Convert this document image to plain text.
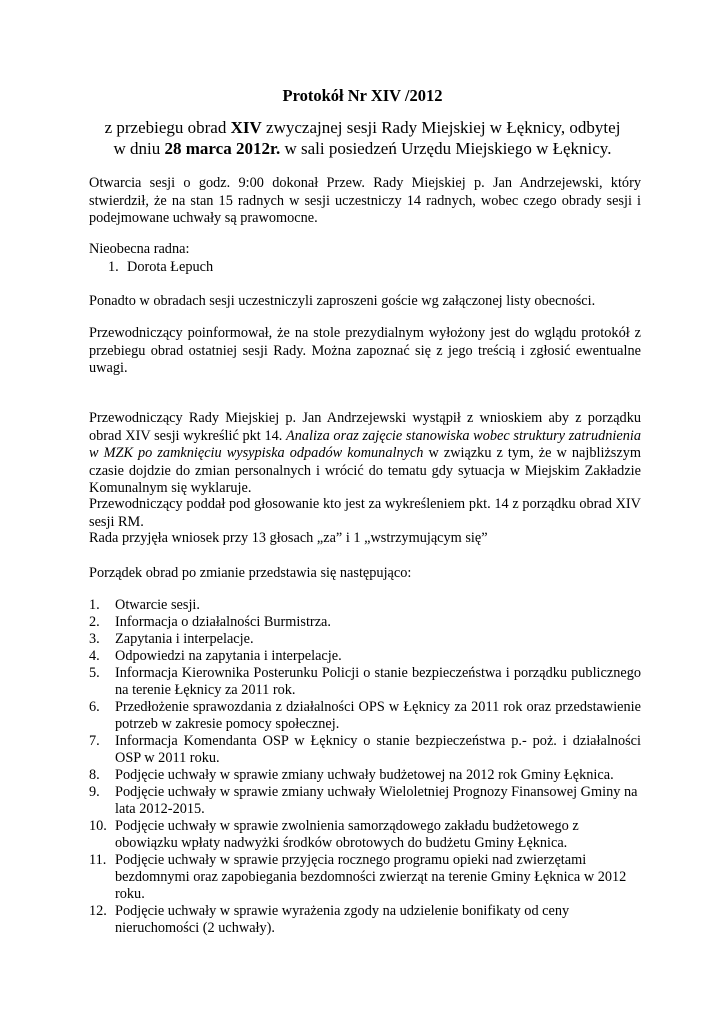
Protokół Nr XIV /2012
z przebiegu obrad XIV zwyczajnej sesji Rady Miejskiej w Łęknicy, odbytej
w dniu 28 marca 2012r. w sali posiedzeń Urzędu Miejskiego w Łęknicy.
Otwarcia sesji o godz. 9:00 dokonał Przew. Rady Miejskiej p. Jan Andrzejewski, który stwierdził, że na stan 15 radnych w sesji uczestniczy 14 radnych, wobec czego obrady sesji i podejmowane uchwały są prawomocne.
Nieobecna radna:
1. Dorota Łepuch
Ponadto w obradach sesji uczestniczyli zaproszeni goście wg załączonej listy obecności.
Przewodniczący poinformował, że na stole prezydialnym wyłożony jest do wglądu protokół z przebiegu obrad ostatniej sesji Rady. Można zapoznać się z jego treścią i zgłosić ewentualne uwagi.
Przewodniczący Rady Miejskiej p. Jan Andrzejewski wystąpił z wnioskiem aby z porządku obrad XIV sesji wykreślić pkt 14. Analiza oraz zajęcie stanowiska wobec struktury zatrudnienia w MZK po zamknięciu wysypiska odpadów komunalnych w związku z tym, że w najbliższym czasie dojdzie do zmian personalnych i wrócić do tematu gdy sytuacja w Miejskim Zakładzie Komunalnym się wyklaruje.
Przewodniczący poddał pod głosowanie kto jest za wykreśleniem pkt. 14 z porządku obrad XIV sesji RM.
Rada przyjęła wniosek przy 13 głosach „za” i 1 „wstrzymującym się”
Porządek obrad po zmianie przedstawia się następująco:
1. Otwarcie sesji.
2. Informacja o działalności Burmistrza.
3. Zapytania i interpelacje.
4. Odpowiedzi na zapytania i interpelacje.
5. Informacja Kierownika Posterunku Policji o stanie bezpieczeństwa i porządku publicznego na terenie Łęknicy za 2011 rok.
6. Przedłożenie sprawozdania z działalności OPS w Łęknicy za 2011 rok oraz przedstawienie potrzeb w zakresie pomocy społecznej.
7. Informacja Komendanta OSP w Łęknicy o stanie bezpieczeństwa p.- poż. i działalności OSP w 2011 roku.
8. Podjęcie uchwały w sprawie zmiany uchwały budżetowej na 2012 rok Gminy Łęknica.
9. Podjęcie uchwały w sprawie zmiany uchwały Wieloletniej Prognozy Finansowej Gminy na lata 2012-2015.
10. Podjęcie uchwały w sprawie zwolnienia samorządowego zakładu budżetowego z obowiązku wpłaty nadwyżki środków obrotowych do budżetu Gminy Łęknica.
11. Podjęcie uchwały w sprawie przyjęcia rocznego programu opieki nad zwierzętami bezdomnymi oraz zapobiegania bezdomności zwierząt na terenie Gminy Łęknica w 2012 roku.
12. Podjęcie uchwały w sprawie wyrażenia zgody na udzielenie bonifikaty od ceny nieruchomości (2 uchwały).
